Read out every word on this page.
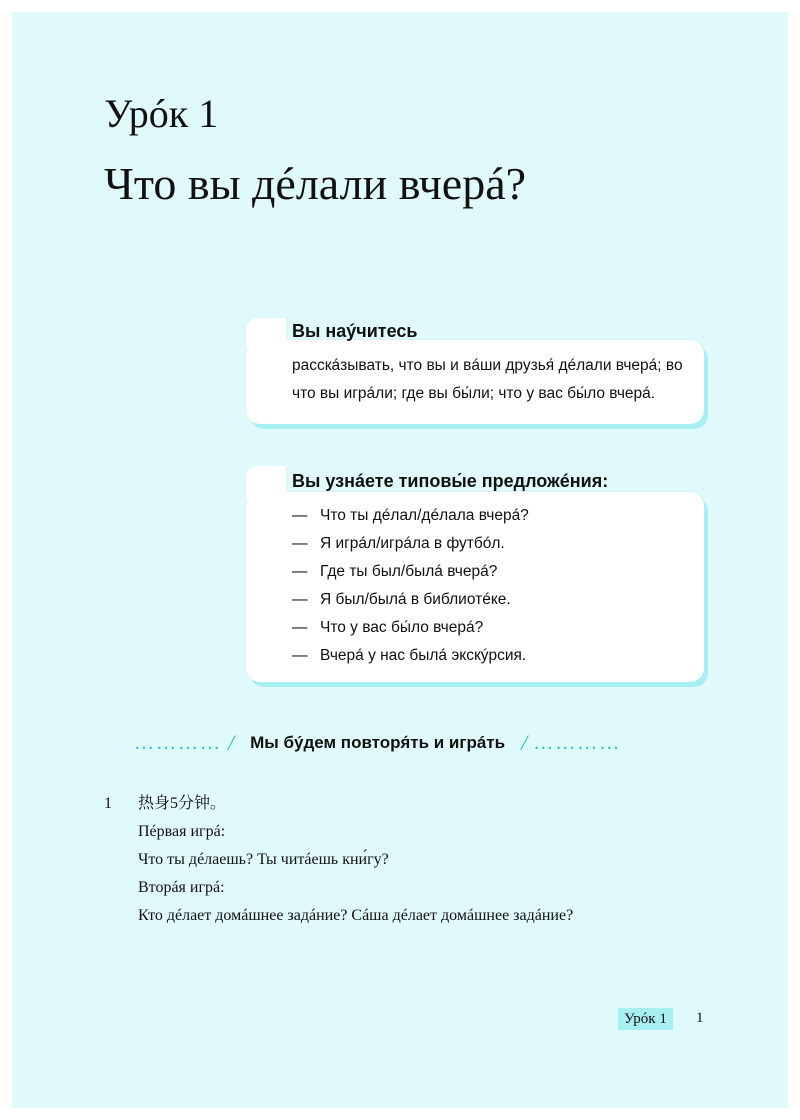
Урóк 1
Что вы дéлали вчерá?
Вы наýчитесь
расскáзывать, что вы и вáши друзья́ дéлали вчерá; во
что вы игрáли; где вы бы́ли; что у вас бы́ло вчерá.
Вы узнáете типовы́е предложéния:
— Что ты дéлал/дéлала вчерá?
— Я игрáл/игрáла в футбóл.
— Где ты был/былá вчерá?
— Я был/былá в библиотéке.
— Что у вас бы́ло вчерá?
— Вчерá у нас былá экскýрсия.
………… / Мы бýдем повторя́ть и игрáть / …………
1 热身5分钟。
Пéрвая игрá:
Что ты дéлаешь? Ты читáешь кни́гу?
Вторáя игрá:
Кто дéлает домáшнее задáние? Сáша дéлает домáшнее задáние?
Урóк 1	1
